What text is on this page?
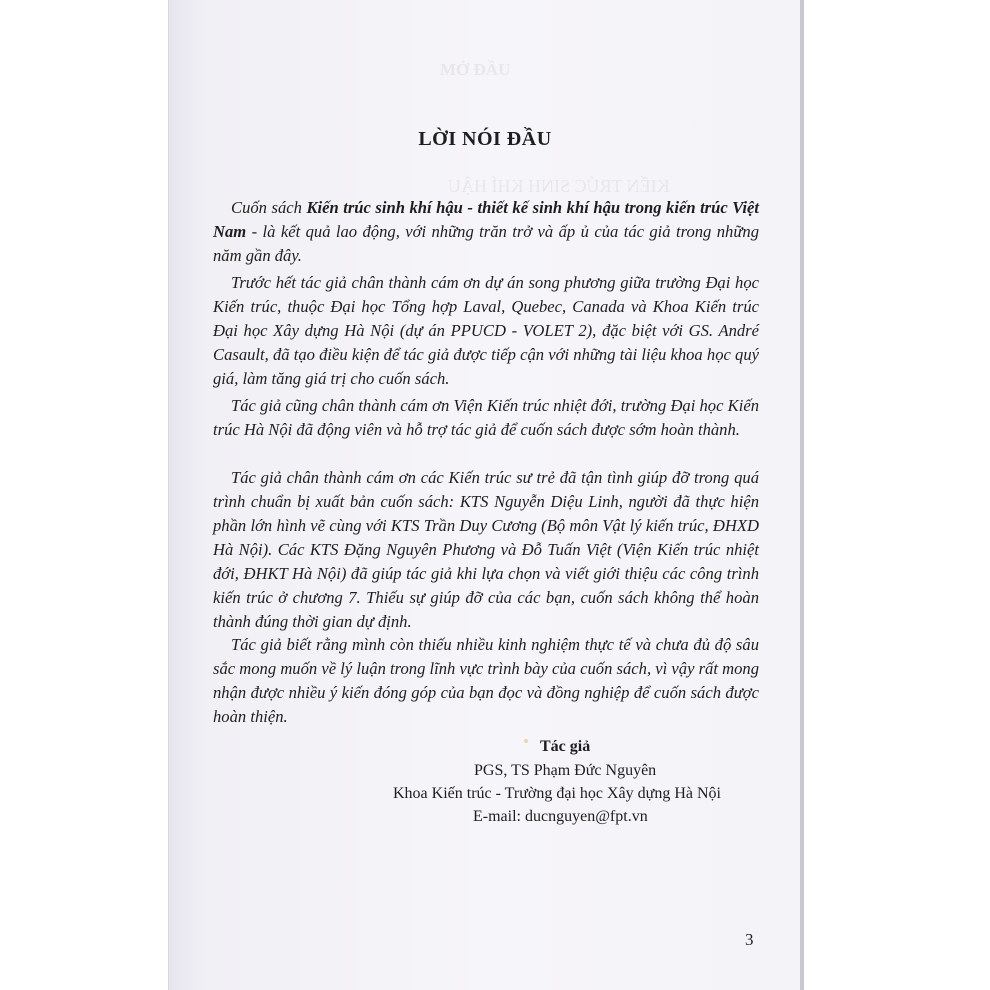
MỞ ĐẦU
KIẾN TRÚC SINH KHÍ HẬU
LỜI NÓI ĐẦU

Cuốn sách Kiến trúc sinh khí hậu - thiết kế sinh khí hậu trong kiến trúc Việt Nam - là kết quả lao động, với những trăn trở và ấp ủ của tác giả trong những năm gần đây.

Trước hết tác giả chân thành cám ơn dự án song phương giữa trường Đại học Kiến trúc, thuộc Đại học Tổng hợp Laval, Quebec, Canada và Khoa Kiến trúc Đại học Xây dựng Hà Nội (dự án PPUCD - VOLET 2), đặc biệt với GS. André Casault, đã tạo điều kiện để tác giả được tiếp cận với những tài liệu khoa học quý giá, làm tăng giá trị cho cuốn sách.

Tác giả cũng chân thành cám ơn Viện Kiến trúc nhiệt đới, trường Đại học Kiến trúc Hà Nội đã động viên và hỗ trợ tác giả để cuốn sách được sớm hoàn thành.

Tác giả chân thành cám ơn các Kiến trúc sư trẻ đã tận tình giúp đỡ trong quá trình chuẩn bị xuất bản cuốn sách: KTS Nguyễn Diệu Linh, người đã thực hiện phần lớn hình vẽ cùng với KTS Trần Duy Cương (Bộ môn Vật lý kiến trúc, ĐHXD Hà Nội). Các KTS Đặng Nguyên Phương và Đỗ Tuấn Việt (Viện Kiến trúc nhiệt đới, ĐHKT Hà Nội) đã giúp tác giả khi lựa chọn và viết giới thiệu các công trình kiến trúc ở chương 7. Thiếu sự giúp đỡ của các bạn, cuốn sách không thể hoàn thành đúng thời gian dự định.

Tác giả biết rằng mình còn thiếu nhiều kinh nghiệm thực tế và chưa đủ độ sâu sắc mong muốn về lý luận trong lĩnh vực trình bày của cuốn sách, vì vậy rất mong nhận được nhiều ý kiến đóng góp của bạn đọc và đồng nghiệp để cuốn sách được hoàn thiện.

Tác giả
PGS, TS Phạm Đức Nguyên
Khoa Kiến trúc - Trường đại học Xây dựng Hà Nội
E-mail: ducnguyen@fpt.vn
3
